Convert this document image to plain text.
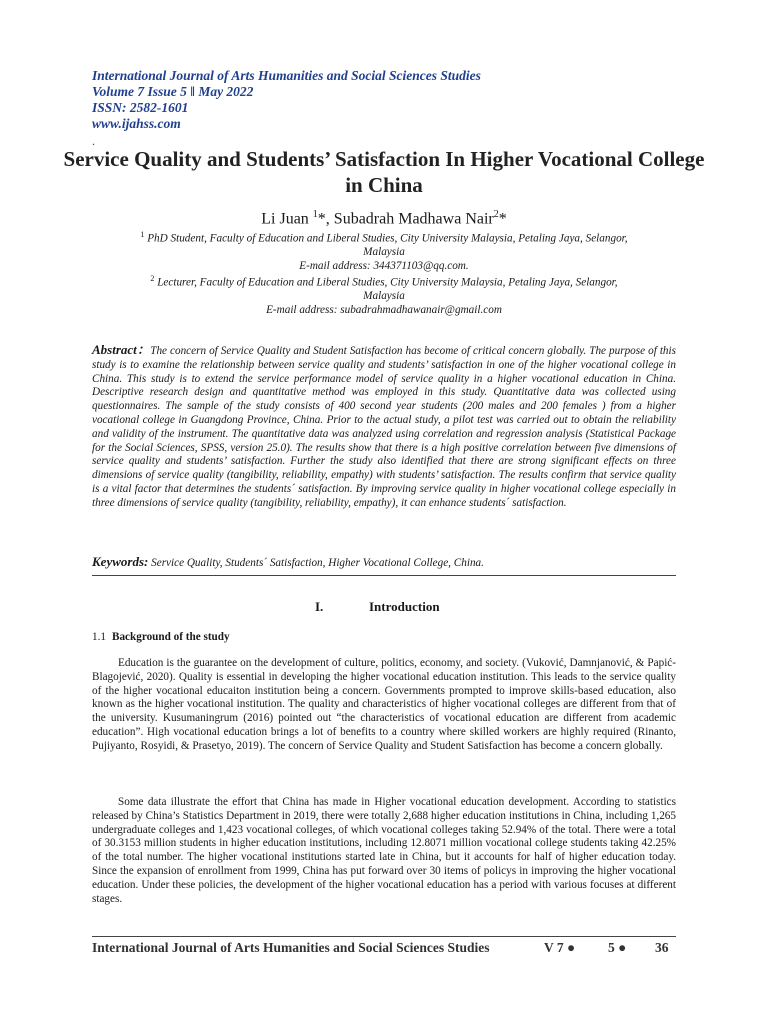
International Journal of Arts Humanities and Social Sciences Studies
Volume 7 Issue 5 ǁ May 2022
ISSN: 2582-1601
www.ijahss.com
.
Service Quality and Students’ Satisfaction In Higher Vocational College in China
Li Juan $^1$*, Subadrah Madhawa Nair$^2$*
$^1$ PhD Student, Faculty of Education and Liberal Studies, City University Malaysia, Petaling Jaya, Selangor,
Malaysia
E-mail address: 344371103@qq.com.
$^2$ Lecturer, Faculty of Education and Liberal Studies, City University Malaysia, Petaling Jaya, Selangor,
Malaysia
E-mail address: subadrahmadhawanair@gmail.com
Abstract：The concern of Service Quality and Student Satisfaction has become of critical concern globally. The purpose of this study is to examine the relationship between service quality and students’ satisfaction in one of the higher vocational college in China. This study is to extend the service performance model of service quality in a higher vocational education in China. Descriptive research design and quantitative method was employed in this study. Quantitative data was collected using questionnaires. The sample of the study consists of 400 second year students (200 males and 200 females ) from a higher vocational college in Guangdong Province, China. Prior to the actual study, a pilot test was carried out to obtain the reliability and validity of the instrument. The quantitative data was analyzed using correlation and regression analysis (Statistical Package for the Social Sciences, SPSS, version 25.0). The results show that there is a high positive correlation between five dimensions of service quality and students’ satisfaction. Further the study also identified that there are strong significant effects on three dimensions of service quality (tangibility, reliability, empathy) with students’ satisfaction. The results confirm that service quality is a vital factor that determines the students´ satisfaction. By improving service quality in higher vocational college especially in three dimensions of service quality (tangibility, reliability, empathy), it can enhance students´ satisfaction.
Keywords: Service Quality, Students´ Satisfaction, Higher Vocational College, China.
I.	Introduction
1.1 Background of the study
Education is the guarantee on the development of culture, politics, economy, and society. (Vuković, Damnjanović, & Papić-Blagojević, 2020). Quality is essential in developing the higher vocational education institution. This leads to the service quality of the higher vocational educaiton institution being a concern. Governments prompted to improve skills-based education, also known as the higher vocational institution. The quality and characteristics of higher vocational colleges are different from that of the university. Kusumaningrum (2016) pointed out “the characteristics of vocational education are different from academic education”. High vocational education brings a lot of benefits to a country where skilled workers are highly required (Rinanto, Pujiyanto, Rosyidi, & Prasetyo, 2019). The concern of Service Quality and Student Satisfaction has become a concern globally.
Some data illustrate the effort that China has made in Higher vocational education development. According to statistics released by China’s Statistics Department in 2019, there were totally 2,688 higher education institutions in China, including 1,265 undergraduate colleges and 1,423 vocational colleges, of which vocational colleges taking 52.94% of the total. There were a total of 30.3153 million students in higher education institutions, including 12.8071 million vocational college students taking 42.25% of the total number. The higher vocational institutions started late in China, but it accounts for half of higher education today. Since the expansion of enrollment from 1999, China has put forward over 30 items of policys in improving the higher vocational education. Under these policies, the development of the higher vocational education has a period with various focuses at different stages.
International Journal of Arts Humanities and Social Sciences Studies	V 7 ● 5 ● 36
